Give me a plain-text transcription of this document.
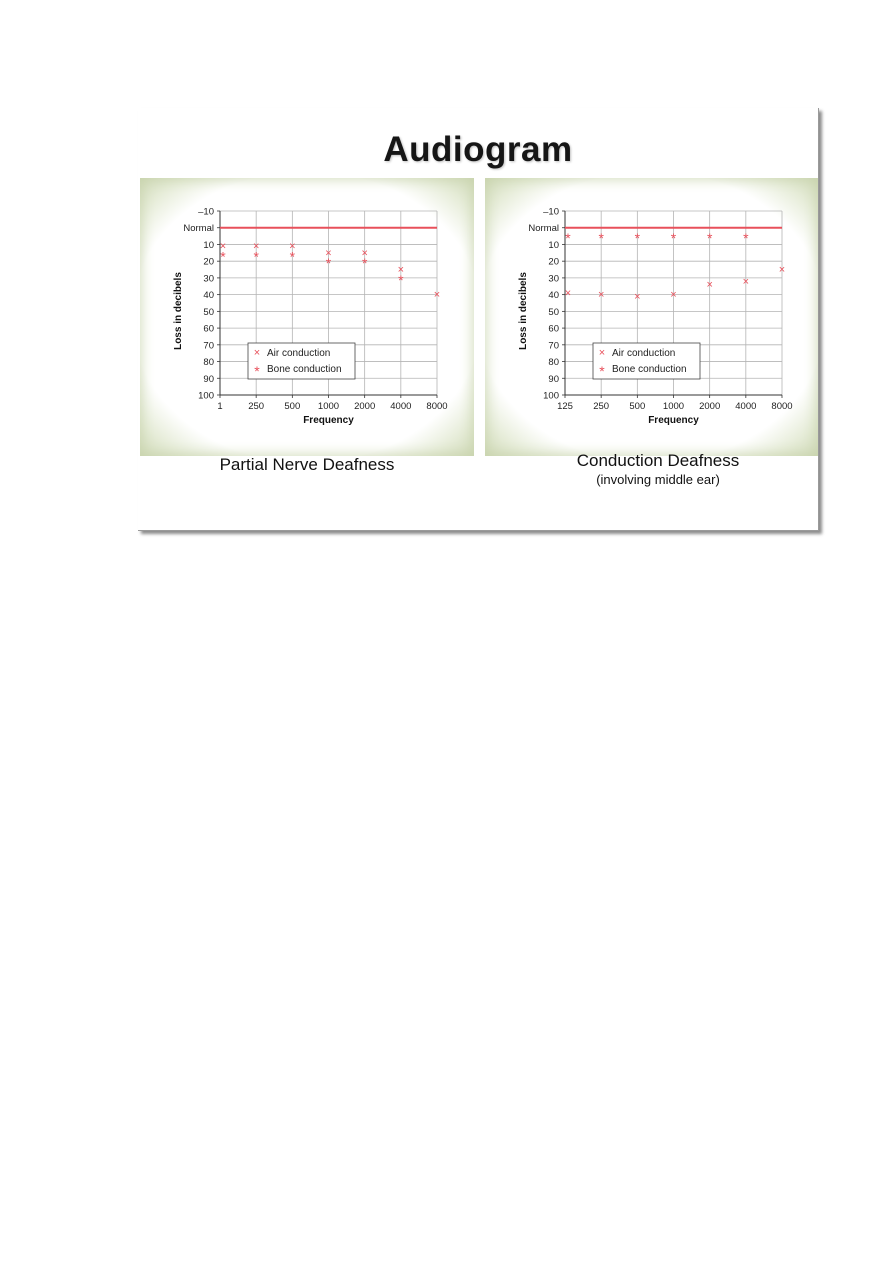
Audiogram
–10
Normal
10
20
30
40
50
60
70
80
90
100
1	250 500 1000 2000 4000 8000
Frequency
Loss in decibels
× ×	×
×	×
×
×
* * * * *
*
× Air conduction
* Bone conduction
–10
Normal
10
20
30
40
50
60
70
80
90
100
125 250 500 1000 2000 4000 8000
Frequency
Loss in decibels	× ×	×	×
×	×
×
* * * * * *
× Air conduction
* Bone conduction
Partial Nerve Deafness	Conduction Deafness
(involving middle ear)
